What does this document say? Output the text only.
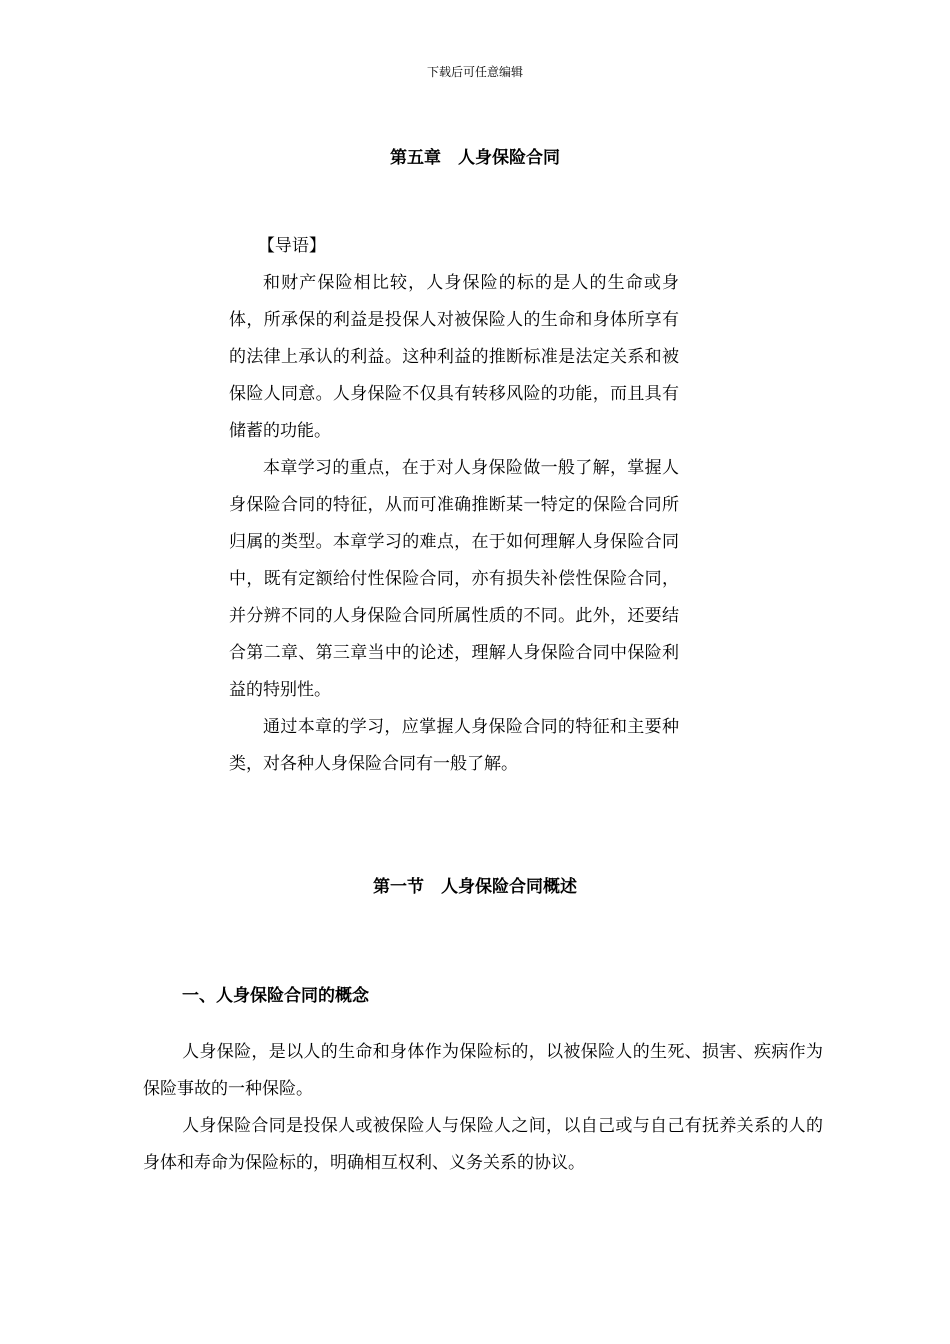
下载后可任意编辑
第五章　人身保险合同

【导语】

和财产保险相比较，人身保险的标的是人的生命或身体，所承保的利益是投保人对被保险人的生命和身体所享有的法律上承认的利益。这种利益的推断标准是法定关系和被保险人同意。人身保险不仅具有转移风险的功能，而且具有储蓄的功能。

本章学习的重点，在于对人身保险做一般了解，掌握人身保险合同的特征，从而可准确推断某一特定的保险合同所归属的类型。本章学习的难点，在于如何理解人身保险合同中，既有定额给付性保险合同，亦有损失补偿性保险合同，并分辨不同的人身保险合同所属性质的不同。此外，还要结合第二章、第三章当中的论述，理解人身保险合同中保险利益的特别性。

通过本章的学习，应掌握人身保险合同的特征和主要种类，对各种人身保险合同有一般了解。

第一节　人身保险合同概述
一、人身保险合同的概念

人身保险，是以人的生命和身体作为保险标的，以被保险人的生死、损害、疾病作为保险事故的一种保险。

人身保险合同是投保人或被保险人与保险人之间，以自己或与自己有抚养关系的人的身体和寿命为保险标的，明确相互权利、义务关系的协议。
